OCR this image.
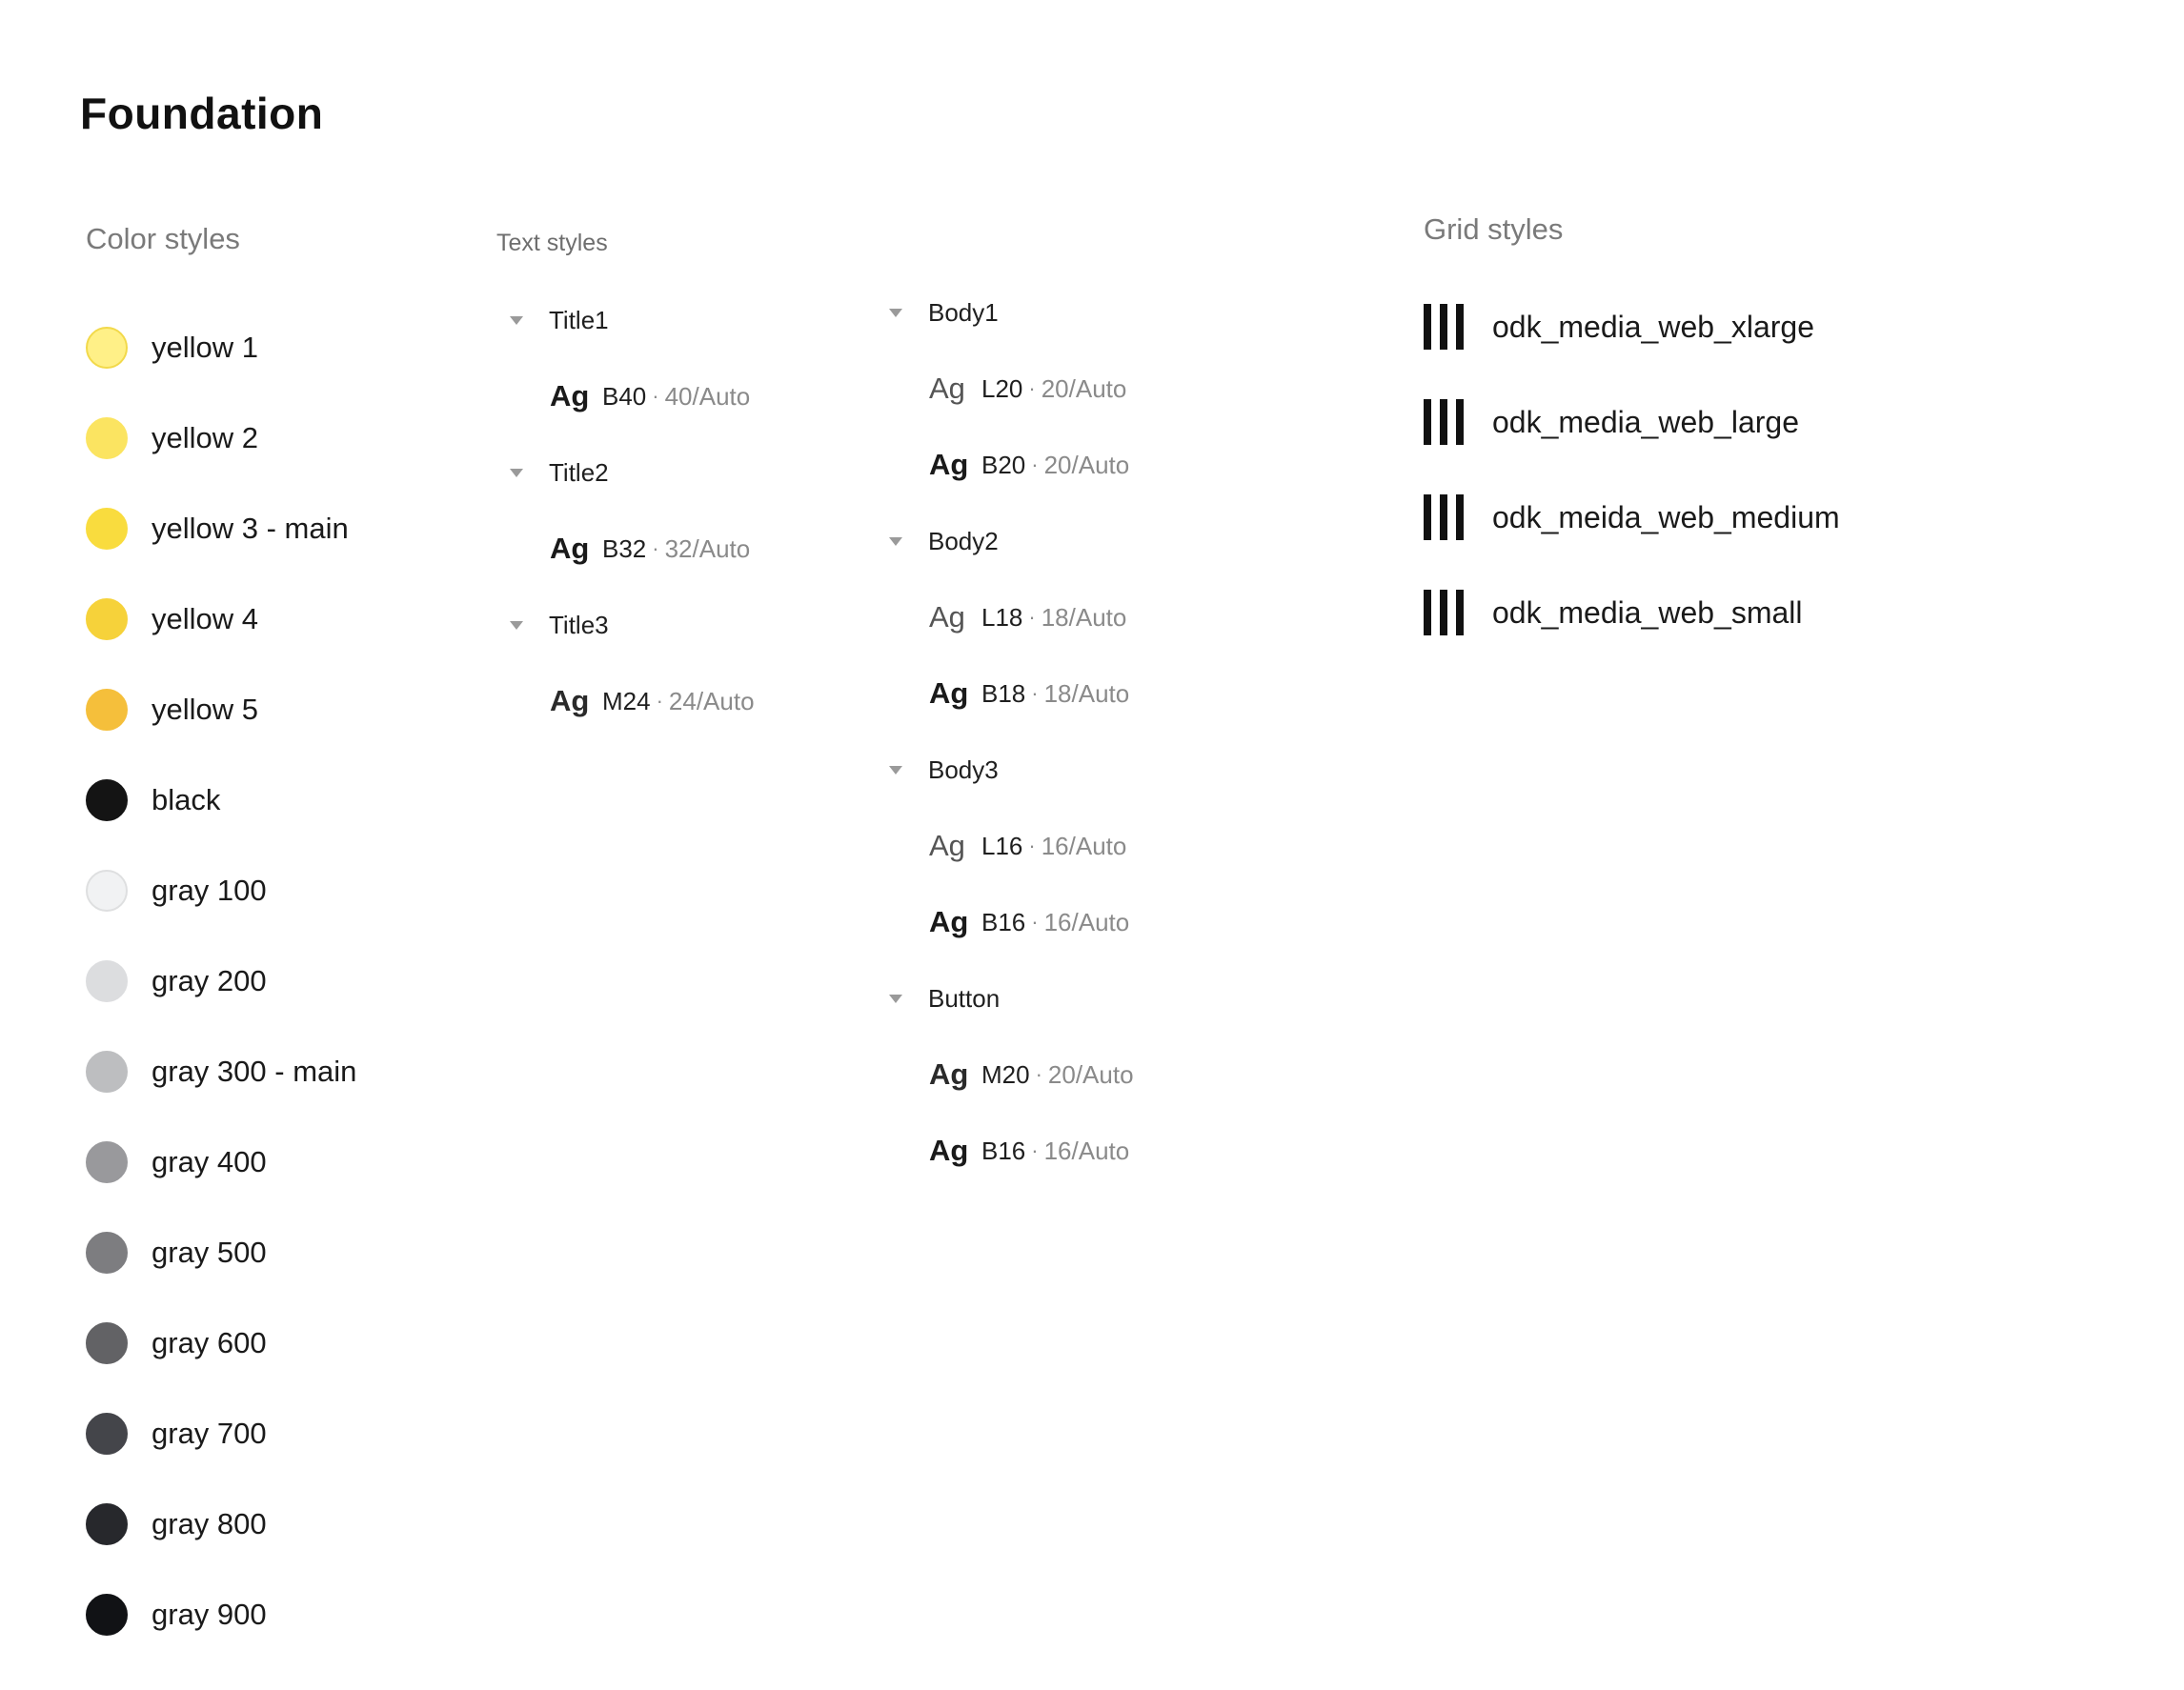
Foundation
Color styles
yellow 1
yellow 2
yellow 3 - main
yellow 4
yellow 5
black
gray 100
gray 200
gray 300 - main
gray 400
gray 500
gray 600
gray 700
gray 800
gray 900
Text styles
Title1
Ag B40 · 40/Auto
Title2
Ag B32 · 32/Auto
Title3
Ag M24 · 24/Auto
Body1
Ag L20 · 20/Auto
Ag B20 · 20/Auto
Body2
Ag L18 · 18/Auto
Ag B18 · 18/Auto
Body3
Ag L16 · 16/Auto
Ag B16 · 16/Auto
Button
Ag M20 · 20/Auto
Ag B16 · 16/Auto
Grid styles
odk_media_web_xlarge
odk_media_web_large
odk_meida_web_medium
odk_media_web_small
